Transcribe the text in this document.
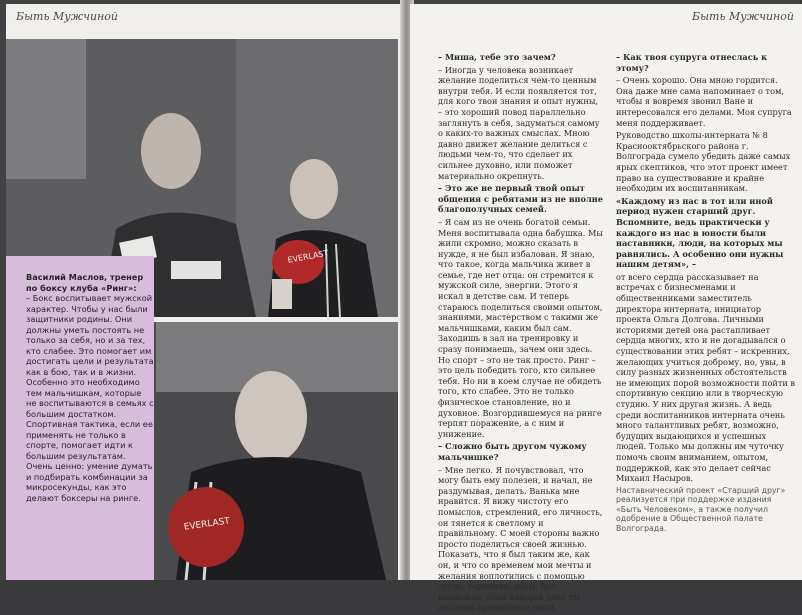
Быть Мужчиной
EVERLAST
EVERLAST
Василий Маслов, тренер по боксу клуба «Ринг»:
– Бокс воспитывает мужской характер. Чтобы у нас были защитники родины. Они должны уметь постоять не только за себя, но и за тех, кто слабее. Это помогает им достигать цели и результата как в бою, так и в жизни. Особенно это необходимо тем мальчишкам, которые не воспитываются в семьях с большим достатком. Спортивная тактика, если ее применять не только в спорте, помогает идти к большим результатам. Очень ценно: умение думать и подбирать комбинации за микросекунды, как это делают боксеры на ринге.
Быть Мужчиной

– Миша, тебе это зачем?

– Иногда у человека возникает желание поделиться чем-то ценным внутри тебя. И если появляется тот, для кого твои знания и опыт нужны, – это хороший повод параллельно заглянуть в себя, задуматься самому о каких-то важных смыслах. Мною давно движет желание делиться с людьми чем-то, что сделает их сильнее духовно, или поможет материально окрепнуть.

– Это же не первый твой опыт общения с ребятами из не вполне благополучных семей.

– Я сам из не очень богатой семьи. Меня воспитывала одна бабушка. Мы жили скромно, можно сказать в нужде, я не был избалован. Я знаю, что такое, когда мальчика живет в семье, где нет отца: он стремится к мужской силе, энергии. Этого я искал в детстве сам. И теперь стараюсь поделиться своими опытом, знаниями, мастерством с такими же мальчишками, каким был сам. Заходишь в зал на тренировку и сразу понимаешь, зачем они здесь. Но спорт – это не так просто. Ринг – это цель победить того, кто сильнее тебя. Но ни в коем случае не обидеть того, кто слабее. Это не только физическое становление, но и духовное. Возгордившемуся на ринге терпят поражение, а с ним и унижение.

– Сложно быть другом чужому мальчишке?

– Мне легко. Я почувствовал, что могу быть ему полезен, и начал, не раздумывая, делать. Ванька мне нравится. Я вижу чистоту его помыслов, стремлений, его личность, он тянется к светлому и правильному. С моей стороны важно просто поделиться своей жизнью. Показать, что я был таким же, как он, и что со временем мои мечты и желания воплотились с помощью труда, терпения, веры. Все возможно, если каждый день ты делаешь правильные шаги.

– Как твоя супруга отнеслась к этому?

– Очень хорошо. Она мною гордится. Она даже мне сама напоминает о том, чтобы я вовремя звонил Ване и интересовался его делами. Моя супруга меня поддерживает.

Руководство школы-интерната № 8 Краснооктябрьского района г. Волгограда сумело убедить даже самых ярых скептиков, что этот проект имеет право на существование и крайне необходим их воспитанникам.

«Каждому из нас в тот или иной период нужен старший друг. Вспомните, ведь практически у каждого из нас в юности были наставники, люди, на которых мы равнялись. А особенно они нужны нашим детям», –

от всего сердца рассказывает на встречах с бизнесменами и общественниками заместитель директора интерната, инициатор проекта Ольга Долгова. Личными историями детей она растапливает сердца многих, кто и не догадывался о существовании этих ребят – искренних, желающих учиться доброму, но, увы, в силу разных жизненных обстоятельств не имеющих порой возможности пойти в спортивную секцию или в творческую студию. У них другая жизнь. А ведь среди воспитанников интерната очень много талантливых ребят, возможно, будущих выдающихся и успешных людей. Только мы должны им чуточку помочь своим вниманием, опытом, поддержкой, как это делает сейчас Михаил Насыров.

Наставнический проект «Старший друг» реализуется при поддержке издания «Быть Человеком», а также получил одобрение в Общественной палате Волгограда.
